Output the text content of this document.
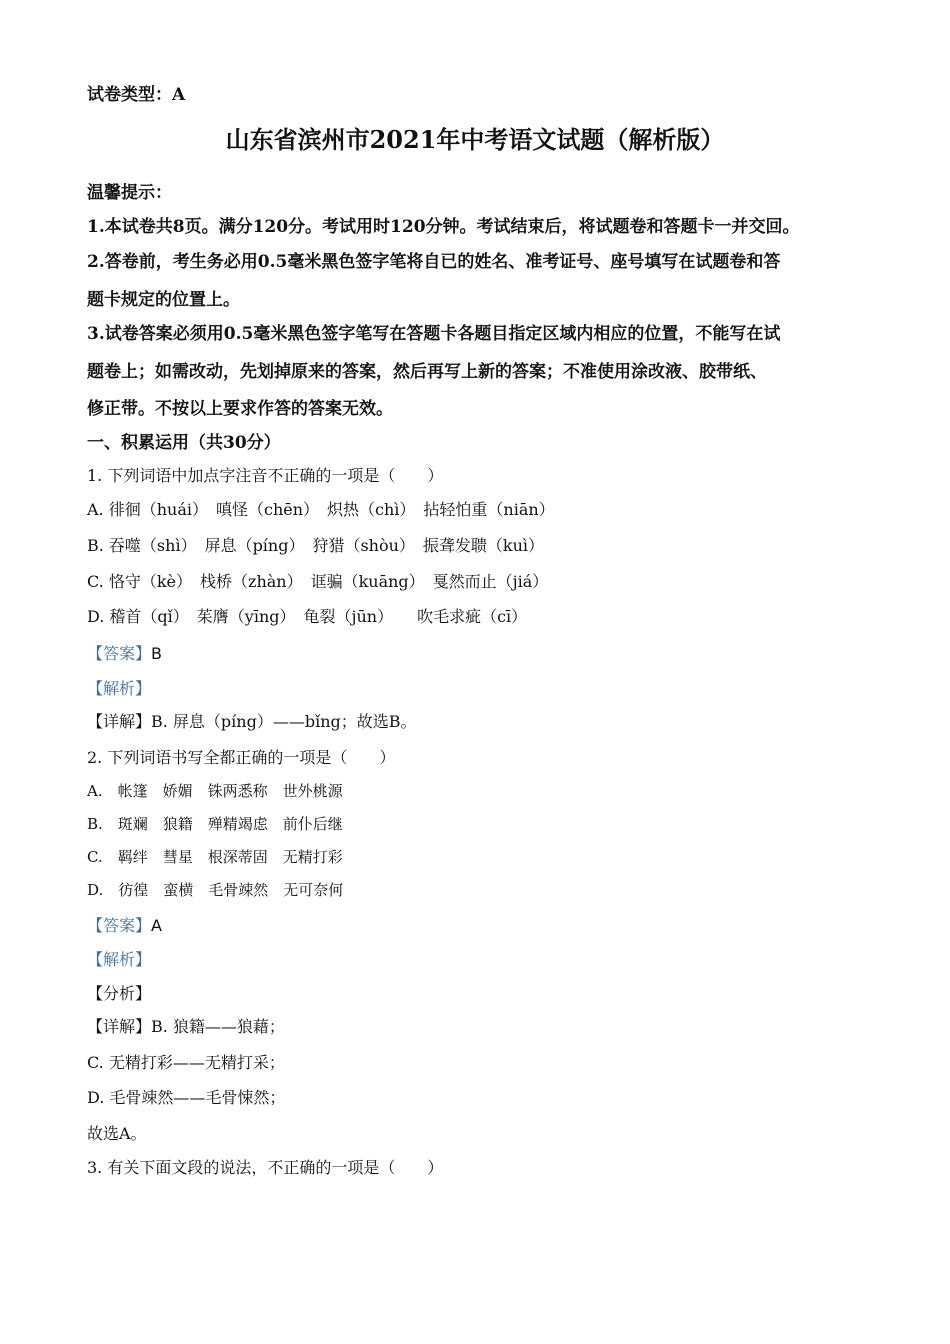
试卷类型：A
山东省滨州市2021年中考语文试题（解析版）
温馨提示：
1.本试卷共8页。满分120分。考试用时120分钟。考试结束后，将试题卷和答题卡一并交回。
2.答卷前，考生务必用0.5毫米黑色签字笔将自已的姓名、准考证号、座号填写在试题卷和答
题卡规定的位置上。
3.试卷答案必须用0.5毫米黑色签字笔写在答题卡各题目指定区域内相应的位置，不能写在试
题卷上；如需改动，先划掉原来的答案，然后再写上新的答案；不准使用涂改液、胶带纸、
修正带。不按以上要求作答的答案无效。
一、积累运用（共30分）
1. 下列词语中加点字注音不正确的一项是（　　）
A. 徘徊（huái）　嗔怪（chēn）　炽热（chì）　拈轻怕重（niān）
B. 吞噬（shì）　屏息（píng）　狩猎（shòu）　振聋发聩（kuì）
C. 恪守（kè）　栈桥（zhàn）　诓骗（kuāng）　戛然而止（jiá）
D. 稽首（qǐ）　茱膺（yīng）　龟裂（jūn）　　吹毛求疵（cī）
【答案】B
【解析】
【详解】B. 屏息（píng）——bǐng；故选B。
2. 下列词语书写全都正确的一项是（　　）
A.　帐篷　娇媚　铢两悉称　世外桃源
B.　斑斓　狼籍　殚精竭虑　前仆后继
C.　羁绊　彗星　根深蒂固　无精打彩
D.　彷徨　蛮横　毛骨竦然　无可奈何
【答案】A
【解析】
【分析】
【详解】B. 狼籍——狼藉；
C. 无精打彩——无精打采；
D. 毛骨竦然——毛骨悚然；
故选A。
3. 有关下面文段的说法，不正确的一项是（　　）
